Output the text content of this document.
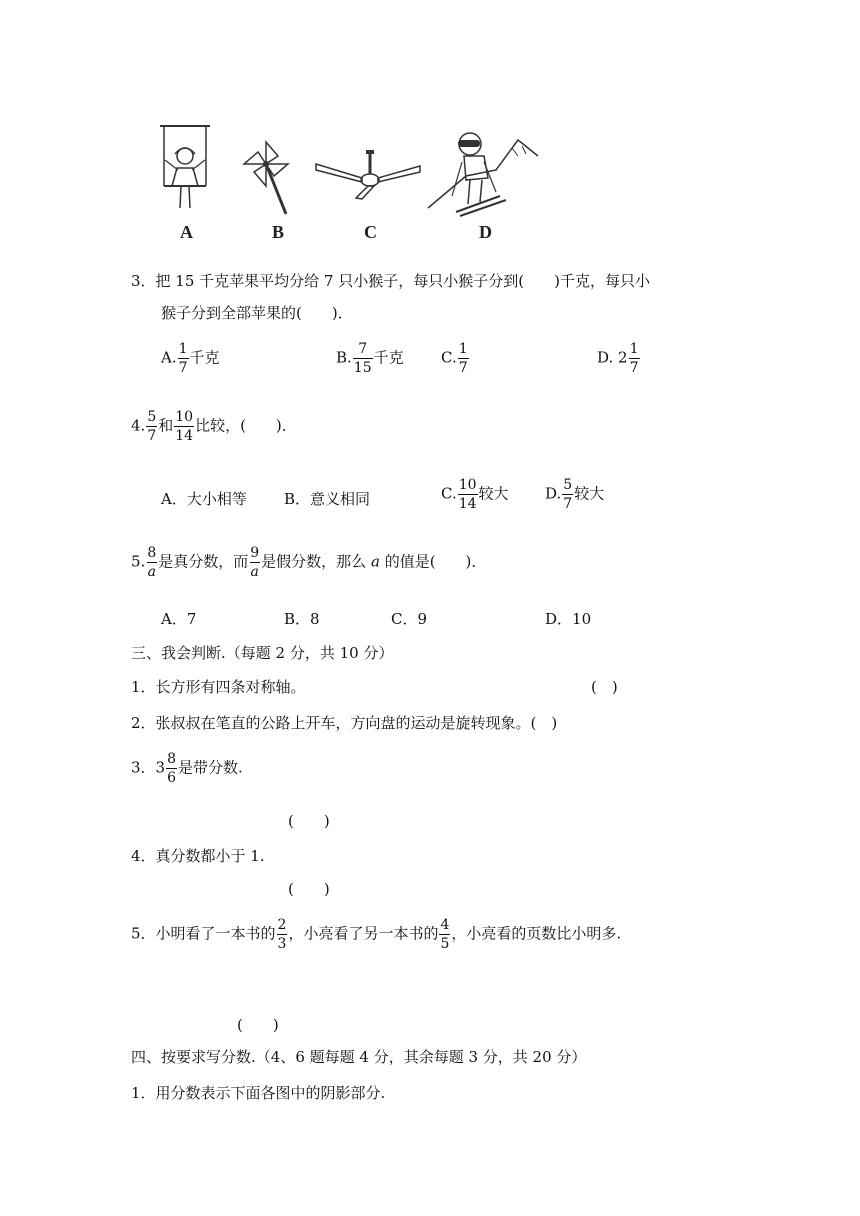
A	B	C	D
3．把 15 千克苹果平均分给 7 只小猴子，每只小猴子分到(　　)千克，每只小
猴子分到全部苹果的(　　)．
A. $\frac{1}{7}$ 千克	B. $\frac{7}{15}$ 千克 C. $\frac{1}{7}$	D. $2 \frac{1}{7}$
4. $\frac{5}{7}$ 和 $\frac{10}{14}$ 比较，(　　)．
A．大小相等 B．意义相同	C. $\frac{10}{14}$ 较大 D. $\frac{5}{7}$ 较大
5. $\frac{8}{a}$ 是真分数，而 $\frac{9}{a}$ 是假分数，那么 a 的值是(　　)．
A．7	B．8	C．9	D．10
三、我会判断.（每题 2 分，共 10 分）
1．长方形有四条对称轴。	(　)
2．张叔叔在笔直的公路上开车，方向盘的运动是旋转现象。(　)
3．$3 \frac{8}{6}$ 是带分数.
(　　)
4．真分数都小于 1.
(　　)
5．小明看了一本书的 $\frac{2}{3}$ ，小亮看了另一本书的 $\frac{4}{5}$ ，小亮看的页数比小明多.
(　　)
四、按要求写分数.（4、6 题每题 4 分，其余每题 3 分，共 20 分）
1．用分数表示下面各图中的阴影部分.
